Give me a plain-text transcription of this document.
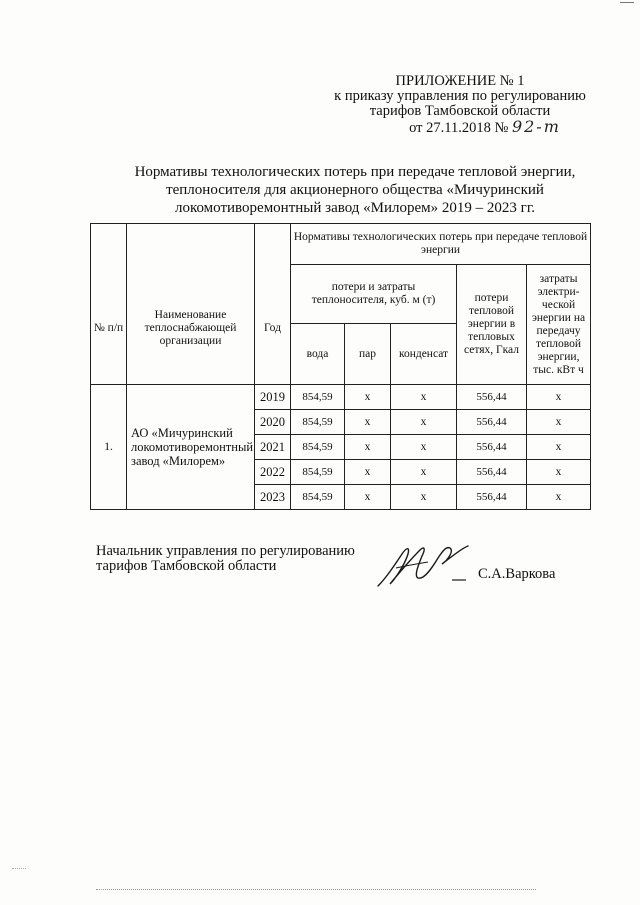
ПРИЛОЖЕНИЕ № 1
к приказу управления по регулированию
тарифов Тамбовской области
от 27.11.2018 № 92-т
Нормативы технологических потерь при передаче тепловой энергии,
теплоносителя для акционерного общества «Мичуринский
локомотиворемонтный завод «Милорем» 2019 – 2023 гг.
№ п/п	Наименование теплоснабжающей организации	Год	Нормативы технологических потерь при передаче тепловой энергии				
			потери и затраты теплоносителя, куб. м (т)			потери тепловой энергии в тепловых сетях, Гкал	затраты электри-ческой энергии на передачу тепловой энергии, тыс. кВт ч
			вода	пар	конденсат		
1.	АО «Мичуринский локомотиворемонтный завод «Милорем»	2019	854,59	х	х	556,44	х
		2020	854,59	х	х	556,44	х
		2021	854,59	х	х	556,44	х
		2022	854,59	х	х	556,44	х
		2023	854,59	х	х	556,44	х
Начальник управления по регулированию
тарифов Тамбовской области	С.А.Варкова
